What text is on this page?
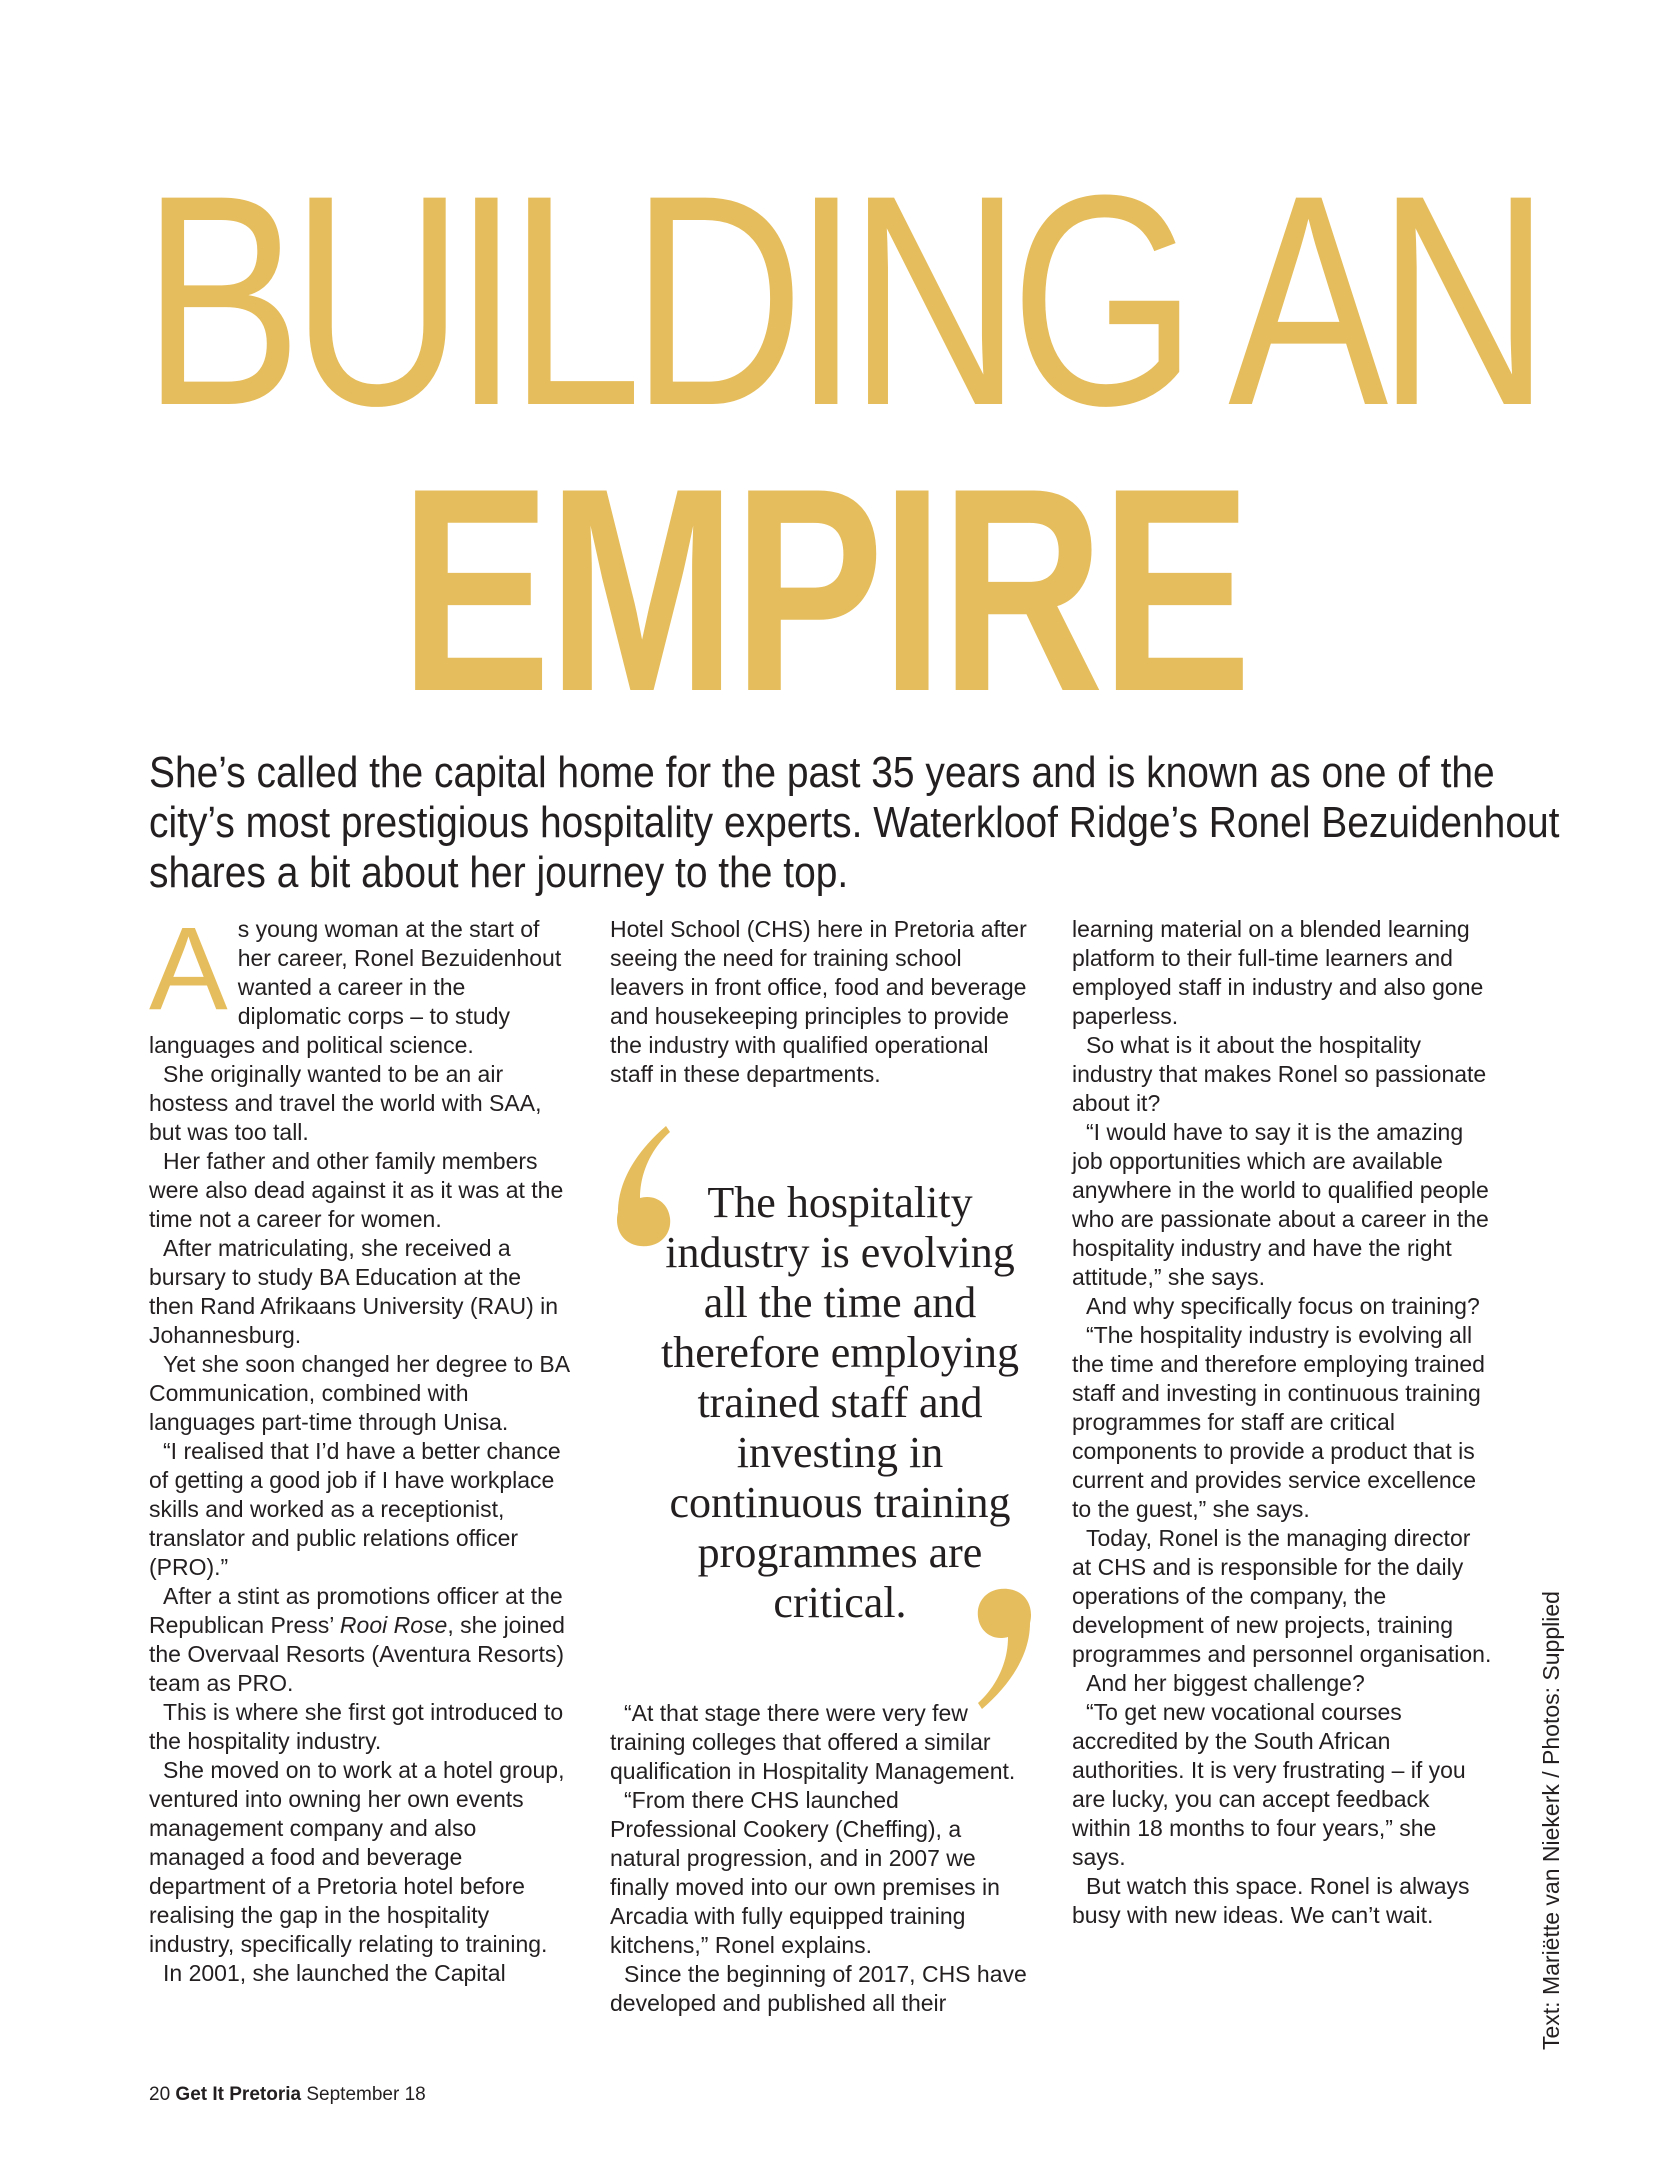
BUILDING AN
EMPIRE

She’s called the capital home for the past 35 years and is known as one of the city’s most prestigious hospitality experts. Waterkloof Ridge’s Ronel Bezuidenhout shares a bit about her journey to the top.

As young woman at the start of her career, Ronel Bezuidenhout wanted a career in the diplomatic corps – to study languages and political science.

She originally wanted to be an air hostess and travel the world with SAA, but was too tall.

Her father and other family members were also dead against it as it was at the time not a career for women.

After matriculating, she received a bursary to study BA Education at the then Rand Afrikaans University (RAU) in Johannesburg.

Yet she soon changed her degree to BA Communication, combined with languages part-time through Unisa.

“I realised that I’d have a better chance of getting a good job if I have workplace skills and worked as a receptionist, translator and public relations officer (PRO).”

After a stint as promotions officer at the Republican Press’ Rooi Rose, she joined the Overvaal Resorts (Aventura Resorts) team as PRO.

This is where she first got introduced to the hospitality industry.

She moved on to work at a hotel group, ventured into owning her own events management company and also managed a food and beverage department of a Pretoria hotel before realising the gap in the hospitality industry, specifically relating to training.

In 2001, she launched the Capital

Hotel School (CHS) here in Pretoria after seeing the need for training school leavers in front office, food and beverage and housekeeping principles to provide the industry with qualified operational staff in these departments.

The hospitality industry is evolving all the time and therefore employing trained staff and investing in continuous training programmes are critical.

“At that stage there were very few training colleges that offered a similar qualification in Hospitality Management.

“From there CHS launched Professional Cookery (Cheffing), a natural progression, and in 2007 we finally moved into our own premises in Arcadia with fully equipped training kitchens,” Ronel explains.

Since the beginning of 2017, CHS have developed and published all their

learning material on a blended learning platform to their full-time learners and employed staff in industry and also gone paperless.

So what is it about the hospitality industry that makes Ronel so passionate about it?

“I would have to say it is the amazing job opportunities which are available anywhere in the world to qualified people who are passionate about a career in the hospitality industry and have the right attitude,” she says.

And why specifically focus on training?

“The hospitality industry is evolving all the time and therefore employing trained staff and investing in continuous training programmes for staff are critical components to provide a product that is current and provides service excellence to the guest,” she says.

Today, Ronel is the managing director at CHS and is responsible for the daily operations of the company, the development of new projects, training programmes and personnel organisation.

And her biggest challenge?

“To get new vocational courses accredited by the South African authorities. It is very frustrating – if you are lucky, you can accept feedback within 18 months to four years,” she says.

But watch this space. Ronel is always busy with new ideas. We can’t wait.	Text: Mariëtte van Niekerk / Photos: Supplied
20 Get It Pretoria September 18
